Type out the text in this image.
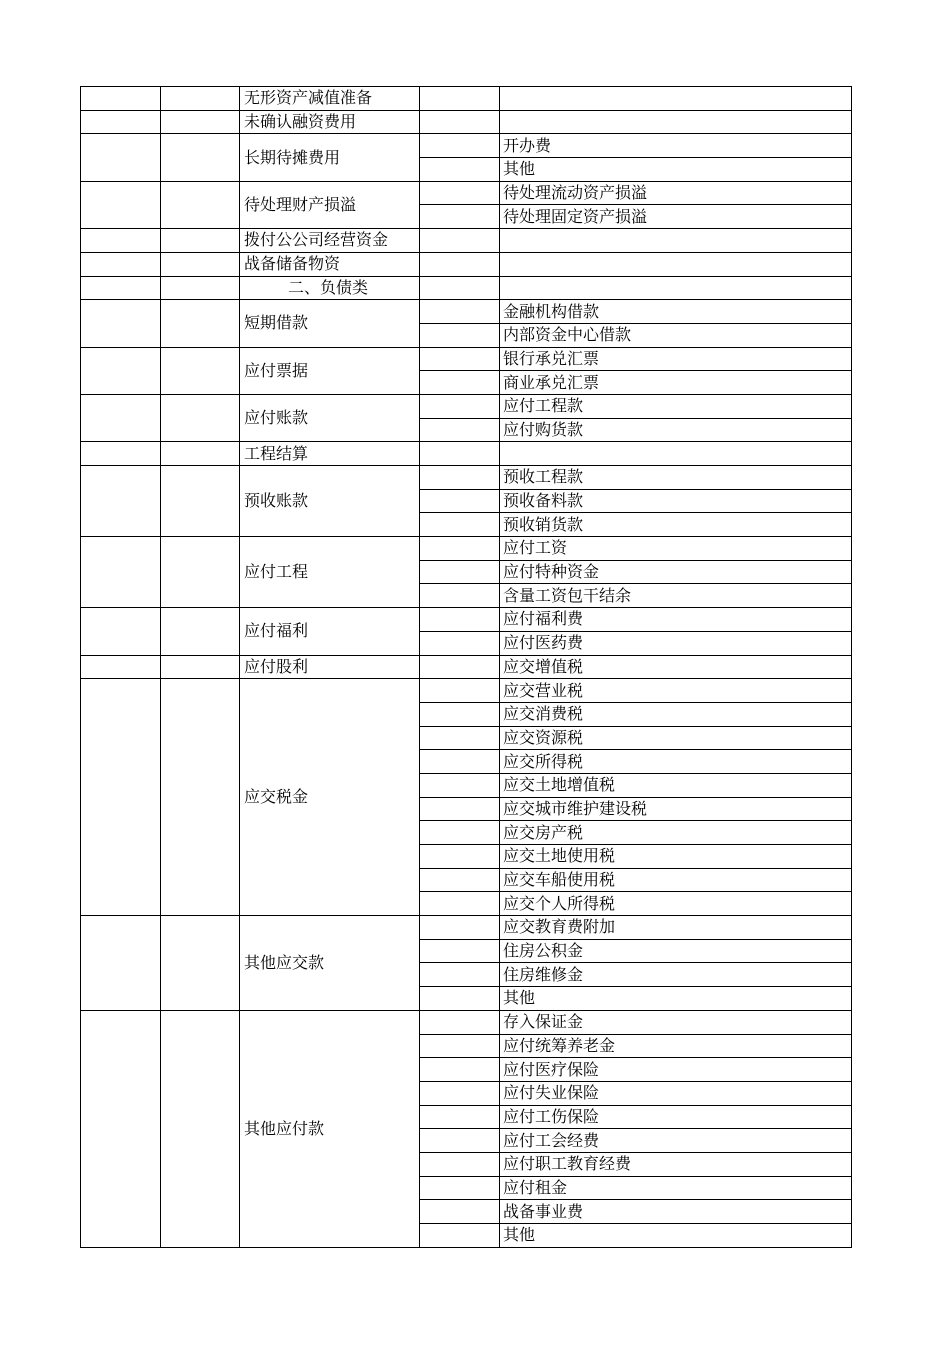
		无形资产减值准备		
		未确认融资费用		
		长期待摊费用		开办费
				其他
		待处理财产损溢		待处理流动资产损溢
				待处理固定资产损溢
		拨付公公司经营资金		
		战备储备物资		
		二、负债类		
		短期借款		金融机构借款
				内部资金中心借款
		应付票据		银行承兑汇票
				商业承兑汇票
		应付账款		应付工程款
				应付购货款
		工程结算		
		预收账款		预收工程款
				预收备料款
				预收销货款
		应付工程		应付工资
				应付特种资金
				含量工资包干结余
		应付福利		应付福利费
				应付医药费
		应付股利		应交增值税
		应交税金		应交营业税
				应交消费税
				应交资源税
				应交所得税
				应交土地增值税
				应交城市维护建设税
				应交房产税
				应交土地使用税
				应交车船使用税
				应交个人所得税
		其他应交款		应交教育费附加
				住房公积金
				住房维修金
				其他
		其他应付款		存入保证金
				应付统筹养老金
				应付医疗保险
				应付失业保险
				应付工伤保险
				应付工会经费
				应付职工教育经费
				应付租金
				战备事业费
				其他
